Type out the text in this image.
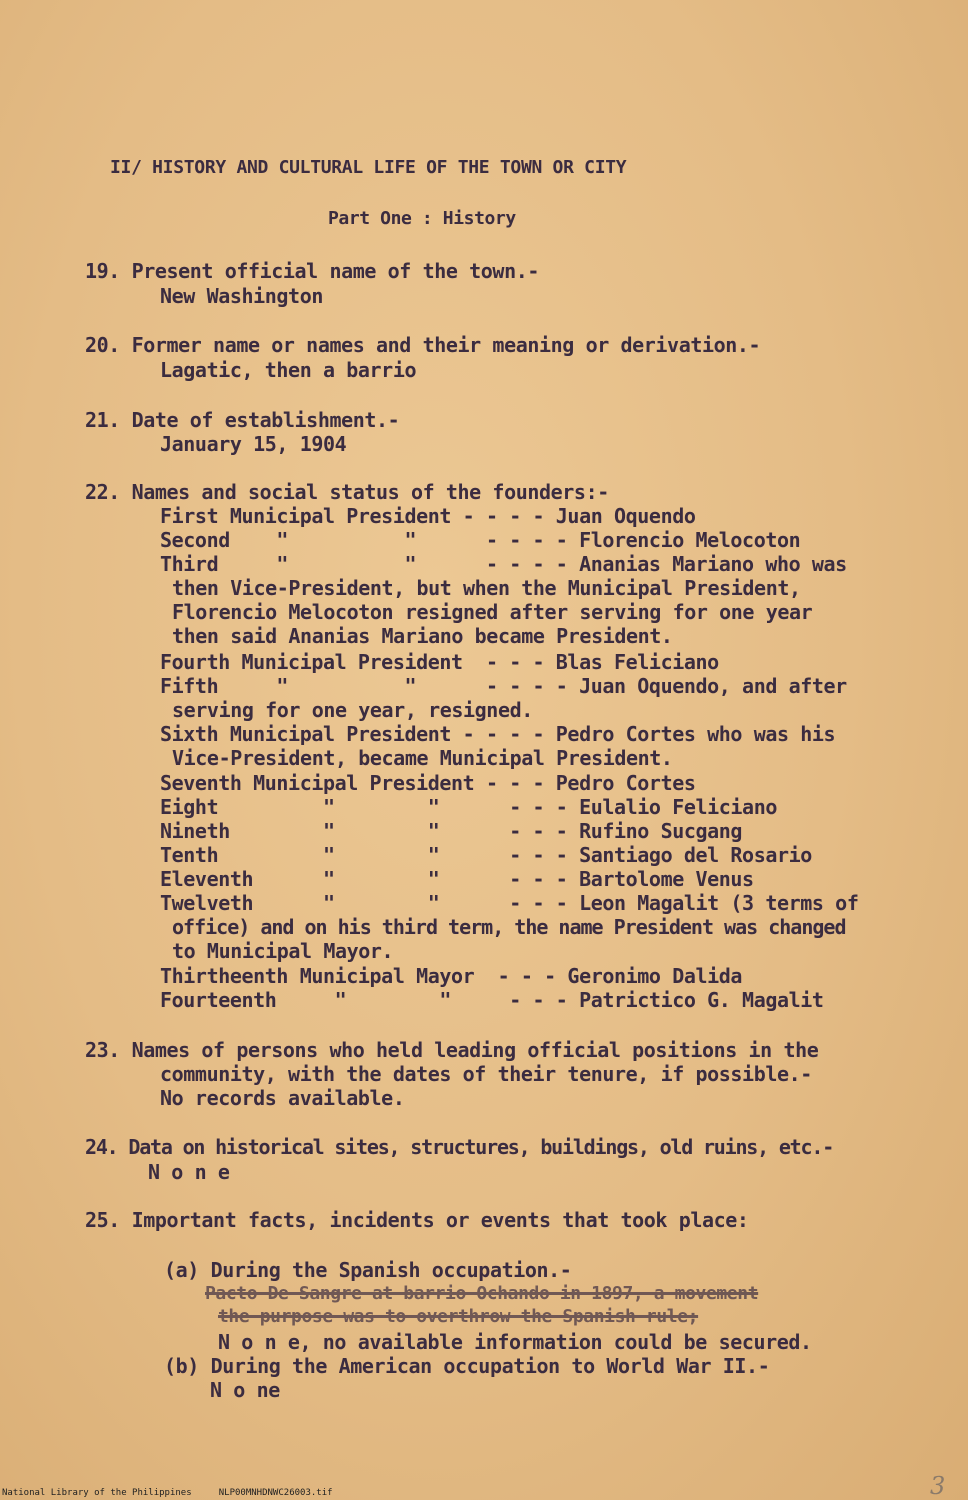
II/ HISTORY AND CULTURAL LIFE OF THE TOWN OR CITY
Part One : History
19. Present official name of the town.-
New Washington
20. Former name or names and their meaning or derivation.-
Lagatic, then a barrio
21. Date of establishment.-
January 15, 1904
22. Names and social status of the founders:-
First Municipal President - - - - Juan Oquendo
Second    "          "      - - - - Florencio Melocoton
Third     "          "      - - - - Ananias Mariano who was
then Vice-President, but when the Municipal President,
Florencio Melocoton resigned after serving for one year
then said Ananias Mariano became President.
Fourth Municipal President  - - - Blas Feliciano
Fifth     "          "      - - - - Juan Oquendo, and after
serving for one year, resigned.
Sixth Municipal President - - - - Pedro Cortes who was his
Vice-President, became Municipal President.
Seventh Municipal President - - - Pedro Cortes
Eight         "        "      - - - Eulalio Feliciano
Nineth        "        "      - - - Rufino Sucgang
Tenth         "        "      - - - Santiago del Rosario
Eleventh      "        "      - - - Bartolome Venus
Twelveth      "        "      - - - Leon Magalit (3 terms of
office) and on his third term, the name President was changed
to Municipal Mayor.
Thirtheenth Municipal Mayor  - - - Geronimo Dalida
Fourteenth     "        "     - - - Patrictico G. Magalit
23. Names of persons who held leading official positions in the
community, with the dates of their tenure, if possible.-
No records available.
24. Data on historical sites, structures, buildings, old ruins, etc.-
N o n e
25. Important facts, incidents or events that took place:
(a) During the Spanish occupation.-
Pacto De Sangre at barrio Ochando in 1897, a movement
the purpose was to overthrow the Spanish rule;
N o n e, no available information could be secured.
(b) During the American occupation to World War II.-
N o ne
National Library of the Philippines	NLP00MNHDNWC26003.tif	3
